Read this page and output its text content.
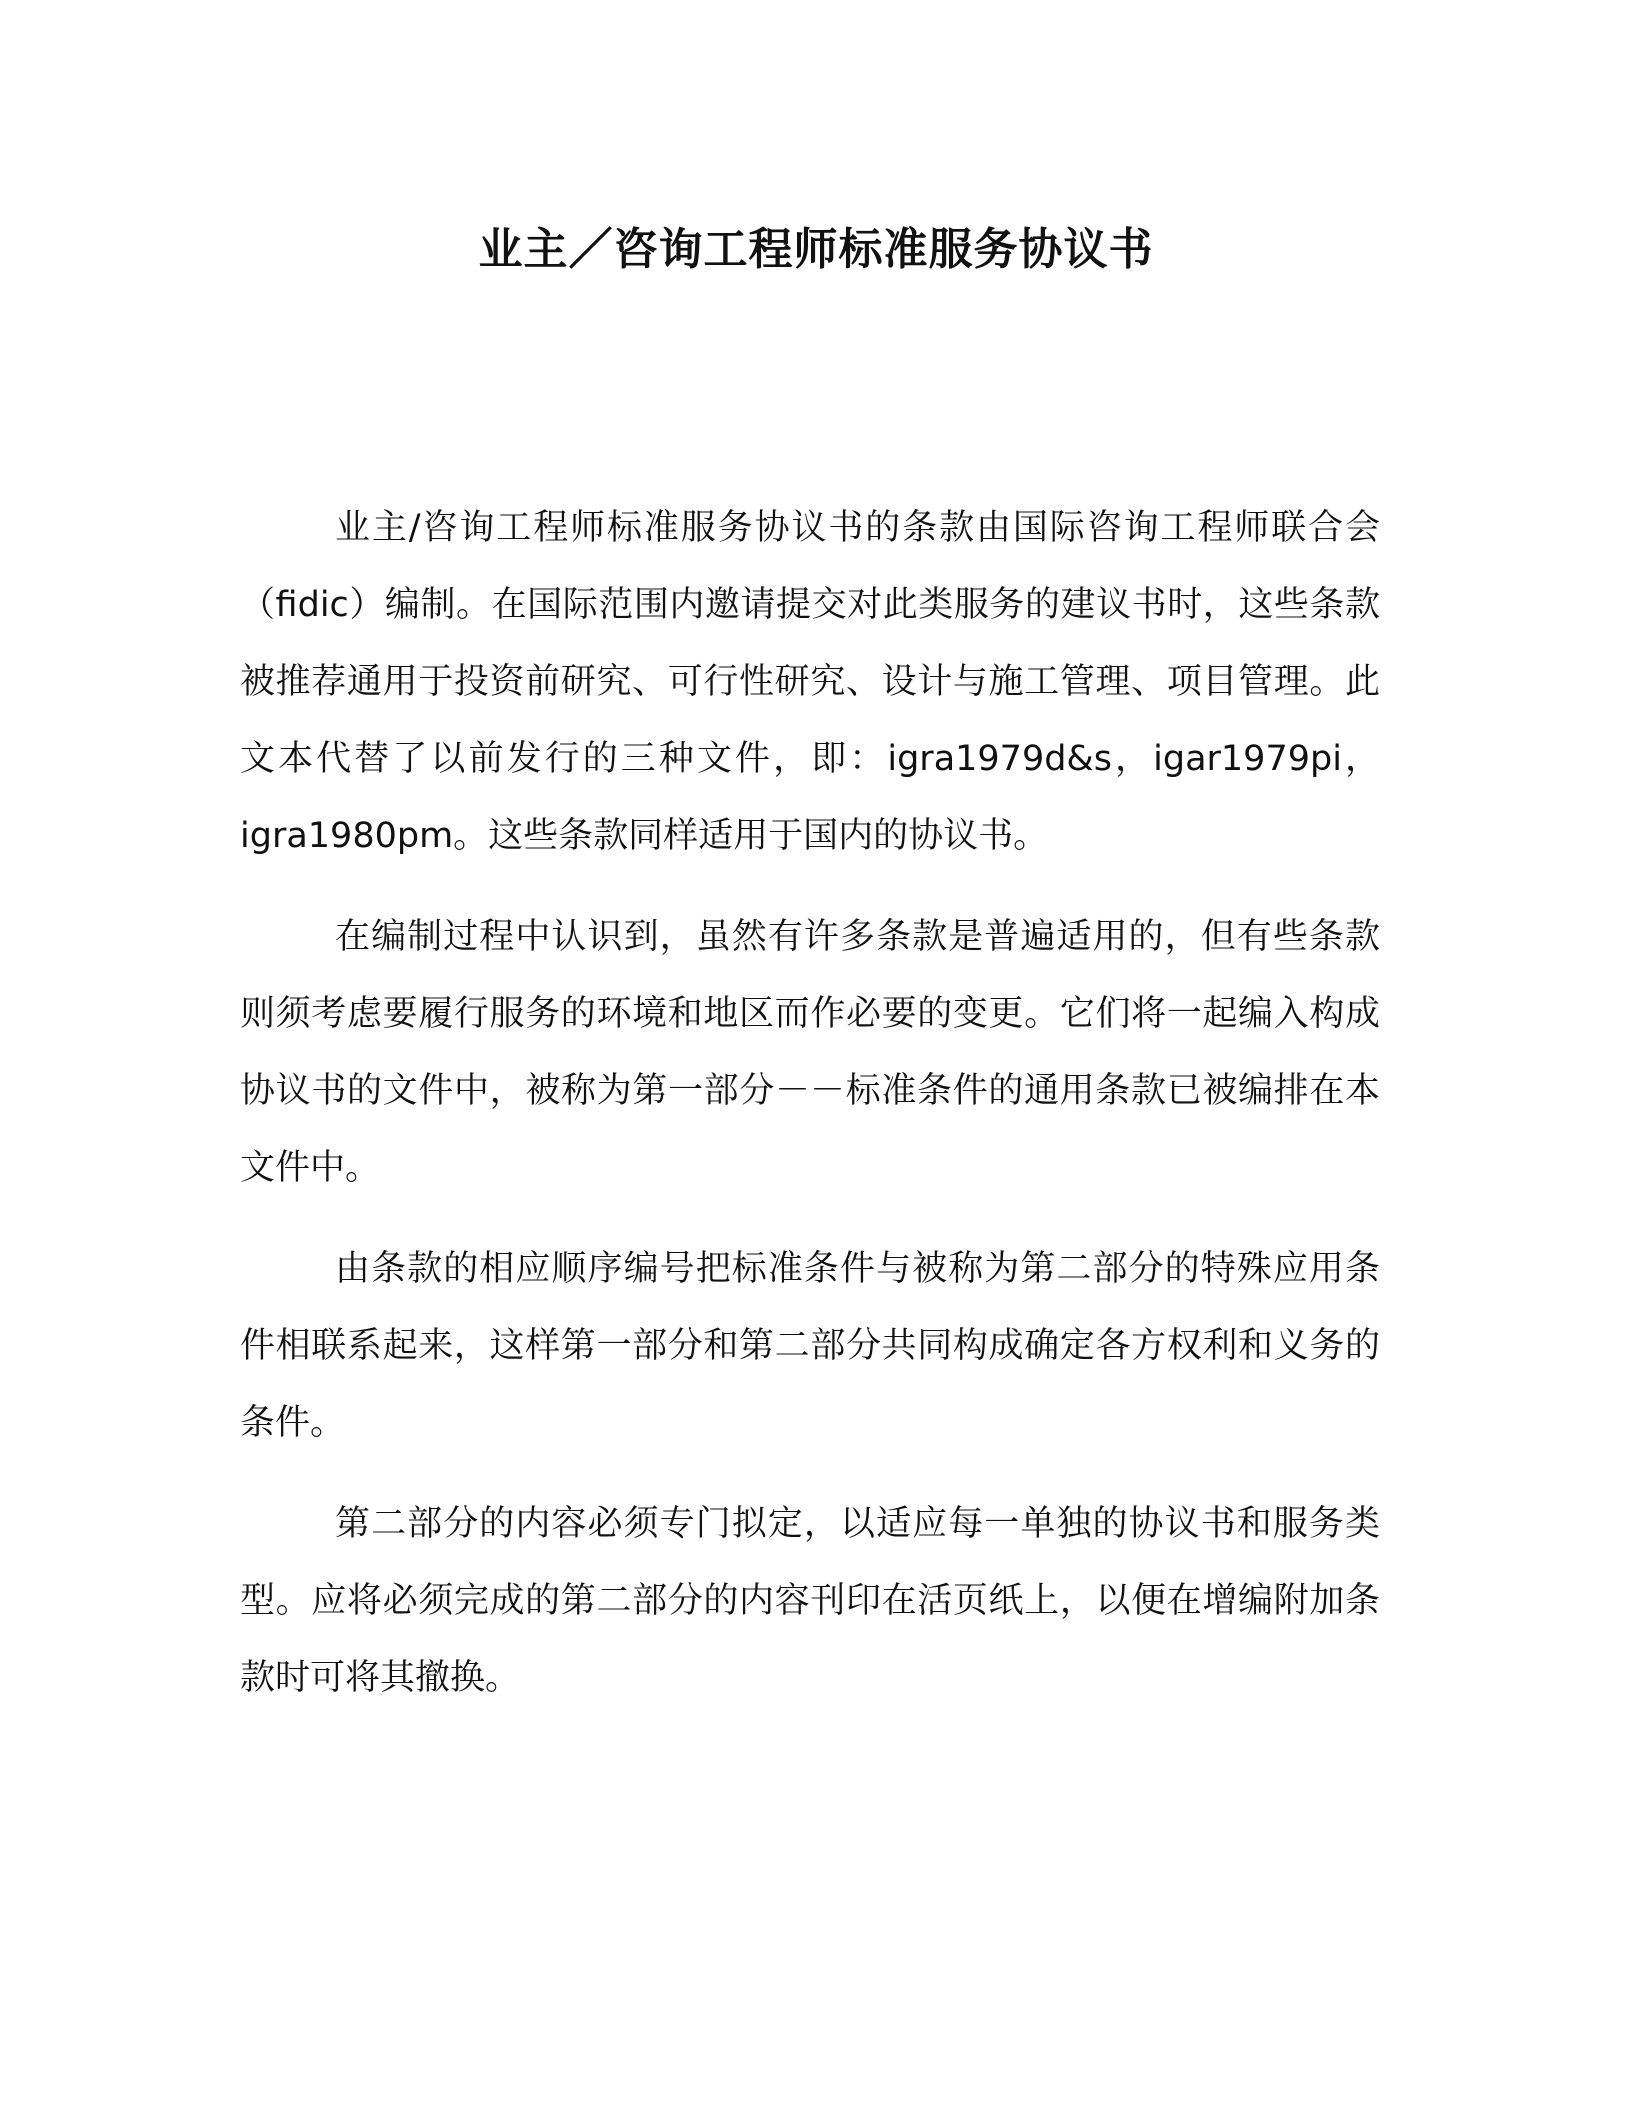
业主／咨询工程师标准服务协议书

业主/咨询工程师标准服务协议书的条款由国际咨询工程师联合会（fidic）编制。在国际范围内邀请提交对此类服务的建议书时，这些条款被推荐通用于投资前研究、可行性研究、设计与施工管理、项目管理。此文本代替了以前发行的三种文件，即：igra1979d&s，igar1979pi，igra1980pm。这些条款同样适用于国内的协议书。

在编制过程中认识到，虽然有许多条款是普遍适用的，但有些条款则须考虑要履行服务的环境和地区而作必要的变更。它们将一起编入构成协议书的文件中，被称为第一部分－－标准条件的通用条款已被编排在本文件中。

由条款的相应顺序编号把标准条件与被称为第二部分的特殊应用条件相联系起来，这样第一部分和第二部分共同构成确定各方权利和义务的条件。

第二部分的内容必须专门拟定，以适应每一单独的协议书和服务类型。应将必须完成的第二部分的内容刊印在活页纸上，以便在增编附加条款时可将其撤换。
